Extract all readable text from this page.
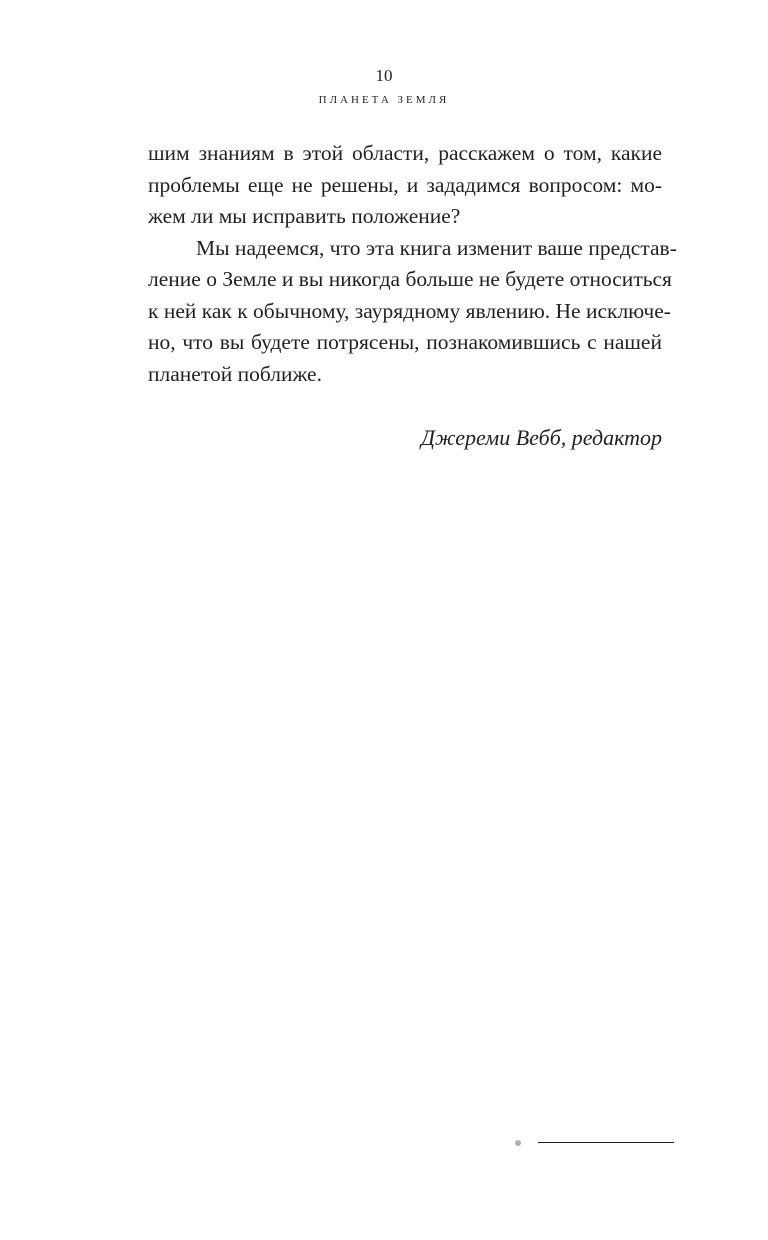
10
ПЛАНЕТА ЗЕМЛЯ
шим знаниям в этой области, расскажем о том, какие
проблемы еще не решены, и зададимся вопросом: мо-
жем ли мы исправить положение?
Мы надеемся, что эта книга изменит ваше представ-
ление о Земле и вы никогда больше не будете относиться
к ней как к обычному, заурядному явлению. Не исключе-
но, что вы будете потрясены, познакомившись с нашей
планетой поближе.
Джереми Вебб, редактор
